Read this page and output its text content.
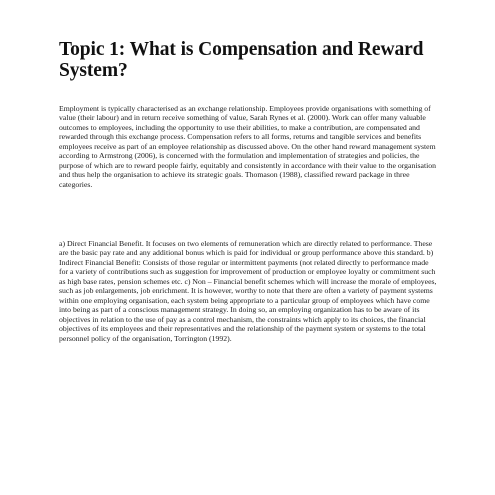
Topic 1: What is Compensation and Reward System?

Employment is typically characterised as an exchange relationship. Employees provide organisations with something of value (their labour) and in return receive something of value, Sarah Rynes et al. (2000). Work can offer many valuable outcomes to employees, including the opportunity to use their abilities, to make a contribution, are compensated and rewarded through this exchange process. Compensation refers to all forms, returns and tangible services and benefits employees receive as part of an employee relationship as discussed above. On the other hand reward management system according to Armstrong (2006), is concerned with the formulation and implementation of strategies and policies, the purpose of which are to reward people fairly, equitably and consistently in accordance with their value to the organisation and thus help the organisation to achieve its strategic goals. Thomason (1988), classified reward package in three categories.

a) Direct Financial Benefit. It focuses on two elements of remuneration which are directly related to performance. These are the basic pay rate and any additional bonus which is paid for individual or group performance above this standard. b) Indirect Financial Benefit: Consists of those regular or intermittent payments (not related directly to performance made for a variety of contributions such as suggestion for improvement of production or employee loyalty or commitment such as high base rates, pension schemes etc. c) Non – Financial benefit schemes which will increase the morale of employees, such as job enlargements, job enrichment. It is however, worthy to note that there are often a variety of payment systems within one employing organisation, each system being appropriate to a particular group of employees which have come into being as part of a conscious management strategy. In doing so, an employing organization has to be aware of its objectives in relation to the use of pay as a control mechanism, the constraints which apply to its choices, the financial objectives of its employees and their representatives and the relationship of the payment system or systems to the total personnel policy of the organisation, Torrington (1992).
